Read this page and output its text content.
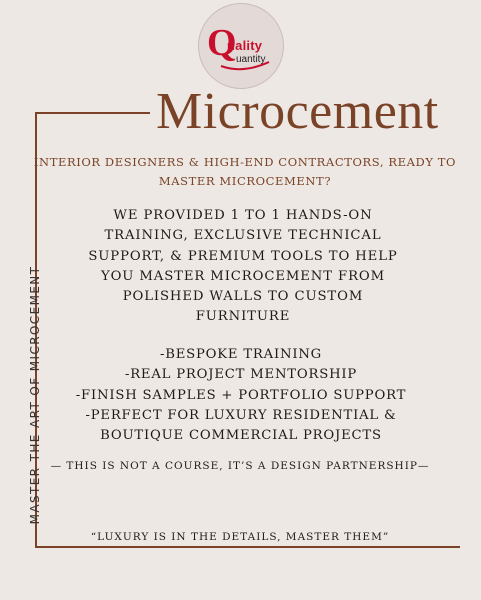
Q
uality
uantity
Microcement
MASTER THE ART OF MICROCEMENT
INTERIOR DESIGNERS & HIGH-END CONTRACTORS, READY TO MASTER MICROCEMENT?
WE PROVIDED 1 TO 1 HANDS-ON
TRAINING, EXCLUSIVE TECHNICAL
SUPPORT, & PREMIUM TOOLS TO HELP
YOU MASTER MICROCEMENT FROM
POLISHED WALLS TO CUSTOM
FURNITURE
-BESPOKE TRAINING
-REAL PROJECT MENTORSHIP
-FINISH SAMPLES + PORTFOLIO SUPPORT
-PERFECT FOR LUXURY RESIDENTIAL &
BOUTIQUE COMMERCIAL PROJECTS
— THIS IS NOT A COURSE, IT’S A DESIGN PARTNERSHIP—
“LUXURY IS IN THE DETAILS, MASTER THEM”
